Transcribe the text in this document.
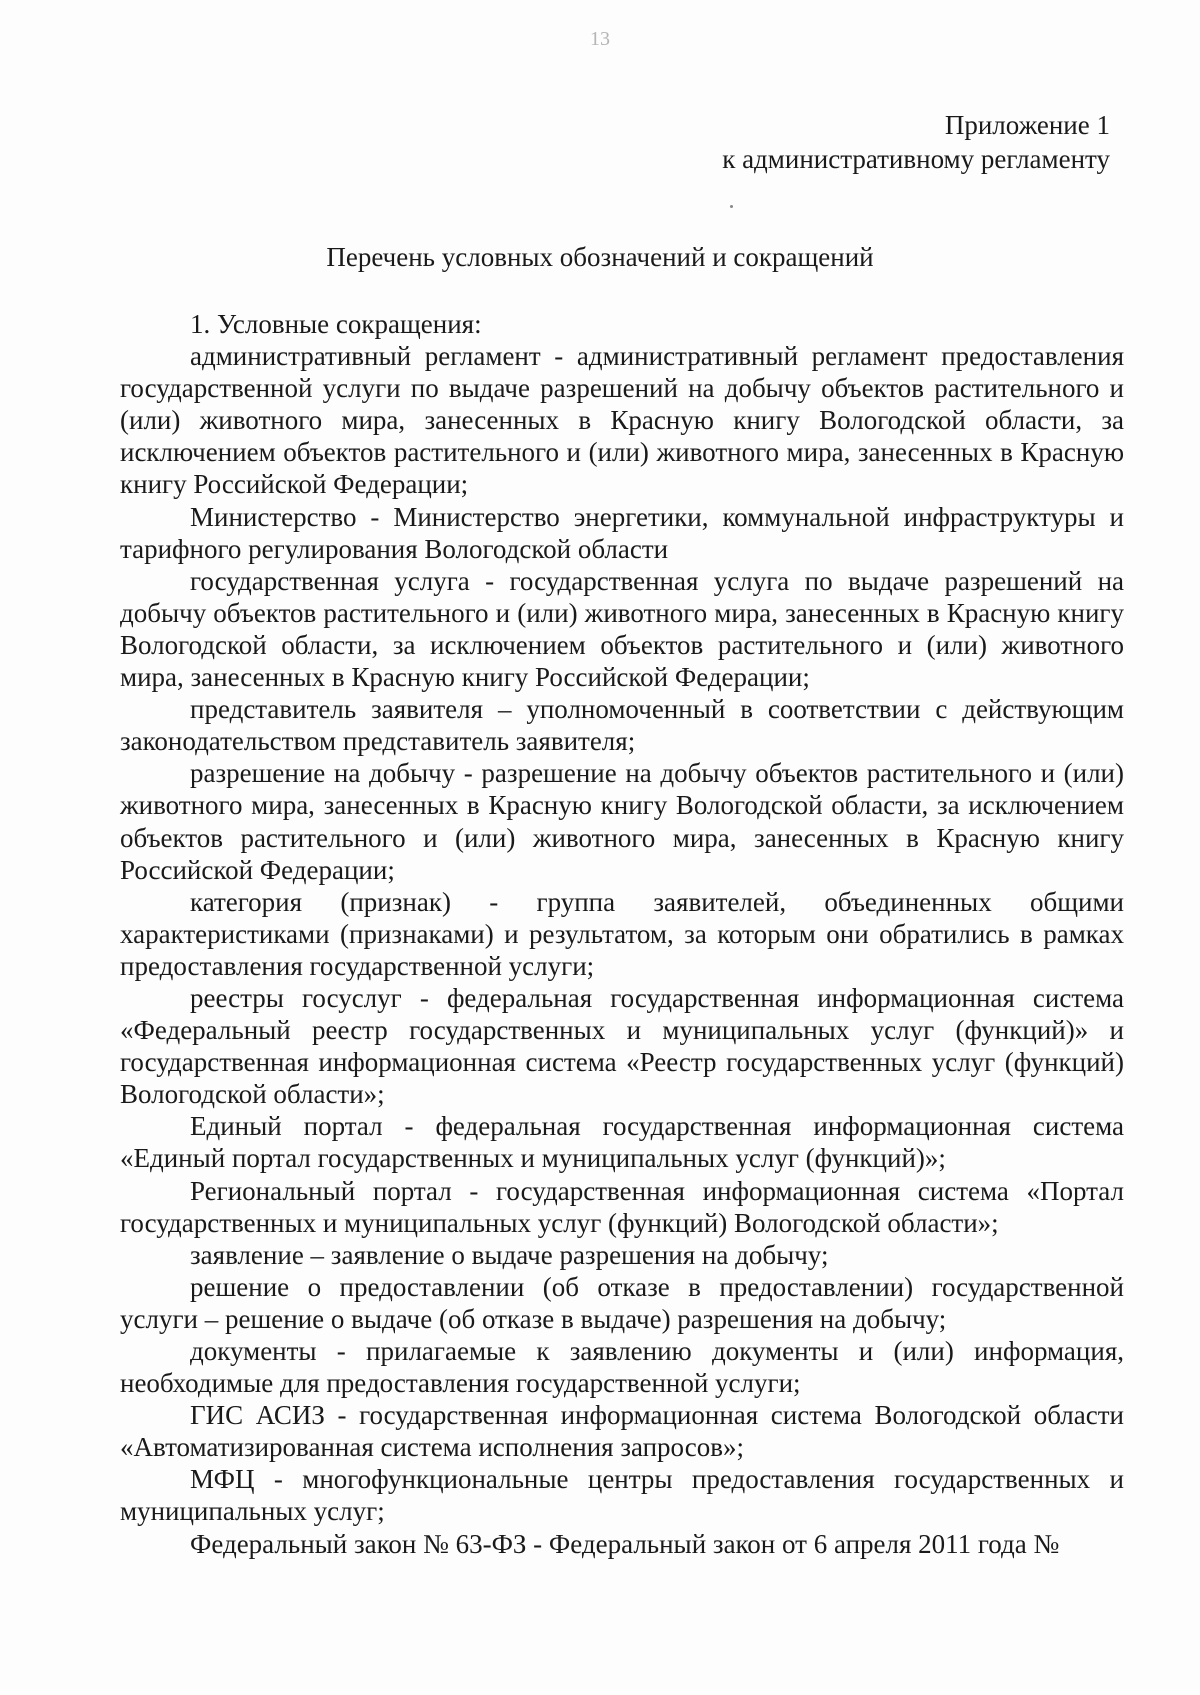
13
Приложение 1
к административному регламенту
Перечень условных обозначений и сокращений

1. Условные сокращения:

административный регламент - административный регламент предоставления государственной услуги по выдаче разрешений на добычу объектов растительного и (или) животного мира, занесенных в Красную книгу Вологодской области, за исключением объектов растительного и (или) животного мира, занесенных в Красную книгу Российской Федерации;

Министерство - Министерство энергетики, коммунальной инфраструктуры и тарифного регулирования Вологодской области

государственная услуга - государственная услуга по выдаче разрешений на добычу объектов растительного и (или) животного мира, занесенных в Красную книгу Вологодской области, за исключением объектов растительного и (или) животного мира, занесенных в Красную книгу Российской Федерации;

представитель заявителя – уполномоченный в соответствии с действующим законодательством представитель заявителя;

разрешение на добычу - разрешение на добычу объектов растительного и (или) животного мира, занесенных в Красную книгу Вологодской области, за исключением объектов растительного и (или) животного мира, занесенных в Красную книгу Российской Федерации;

категория (признак) - группа заявителей, объединенных общими характеристиками (признаками) и результатом, за которым они обратились в рамках предоставления государственной услуги;

реестры госуслуг - федеральная государственная информационная система «Федеральный реестр государственных и муниципальных услуг (функций)» и государственная информационная система «Реестр государственных услуг (функций) Вологодской области»;

Единый портал - федеральная государственная информационная система «Единый портал государственных и муниципальных услуг (функций)»;

Региональный портал - государственная информационная система «Портал государственных и муниципальных услуг (функций) Вологодской области»;

заявление – заявление о выдаче разрешения на добычу;

решение о предоставлении (об отказе в предоставлении) государственной услуги – решение о выдаче (об отказе в выдаче) разрешения на добычу;

документы - прилагаемые к заявлению документы и (или) информация, необходимые для предоставления государственной услуги;

ГИС АСИЗ - государственная информационная система Вологодской области «Автоматизированная система исполнения запросов»;

МФЦ - многофункциональные центры предоставления государственных и муниципальных услуг;

Федеральный закон № 63-ФЗ - Федеральный закон от 6 апреля 2011 года №
